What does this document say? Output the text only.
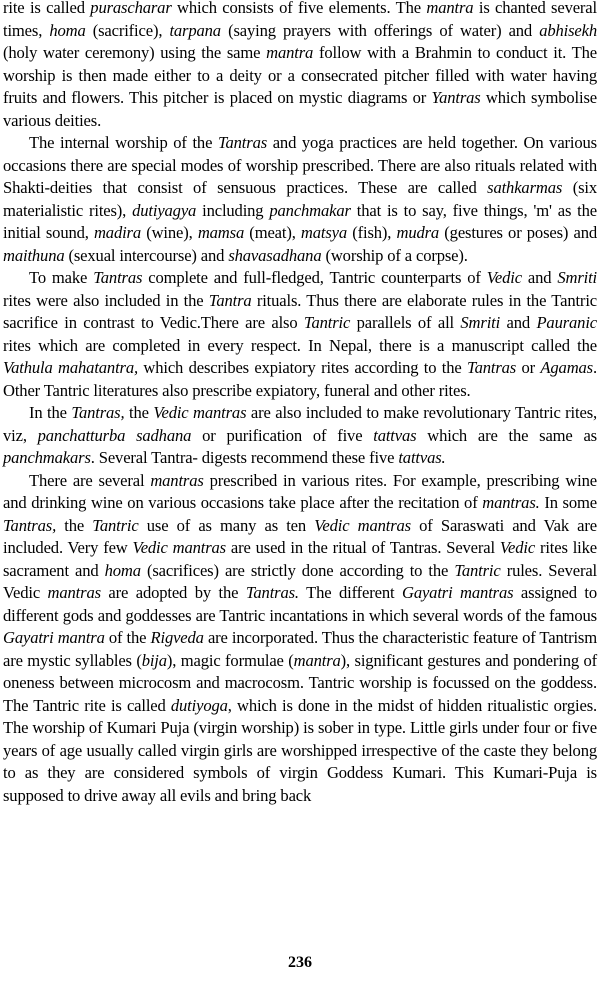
rite is called purascharar which consists of five elements. The mantra is chanted several times, homa (sacrifice), tarpana (saying prayers with offerings of water) and abhisekh (holy water ceremony) using the same mantra follow with a Brahmin to conduct it. The worship is then made either to a deity or a consecrated pitcher filled with water having fruits and flowers. This pitcher is placed on mystic diagrams or Yantras which symbolise various deities.

The internal worship of the Tantras and yoga practices are held together. On various occasions there are special modes of worship prescribed. There are also rituals related with Shakti-deities that consist of sensuous practices. These are called sathkarmas (six materialistic rites), dutiyagya including panchmakar that is to say, five things, 'm' as the initial sound, madira (wine), mamsa (meat), matsya (fish), mudra (gestures or poses) and maithuna (sexual intercourse) and shavasadhana (worship of a corpse).

To make Tantras complete and full-fledged, Tantric counterparts of Vedic and Smriti rites were also included in the Tantra rituals. Thus there are elaborate rules in the Tantric sacrifice in contrast to Vedic.There are also Tantric parallels of all Smriti and Pauranic rites which are completed in every respect. In Nepal, there is a manuscript called the Vathula mahatantra, which describes expiatory rites according to the Tantras or Agamas. Other Tantric literatures also prescribe expiatory, funeral and other rites.

In the Tantras, the Vedic mantras are also included to make revolutionary Tantric rites, viz, panchatturba sadhana or purification of five tattvas which are the same as panchmakars. Several Tantra- digests recommend these five tattvas.

There are several mantras prescribed in various rites. For example, prescribing wine and drinking wine on various occasions take place after the recitation of mantras. In some Tantras, the Tantric use of as many as ten Vedic mantras of Saraswati and Vak are included. Very few Vedic mantras are used in the ritual of Tantras. Several Vedic rites like sacrament and homa (sacrifices) are strictly done according to the Tantric rules. Several Vedic mantras are adopted by the Tantras. The different Gayatri mantras assigned to different gods and goddesses are Tantric incantations in which several words of the famous Gayatri mantra of the Rigveda are incorporated. Thus the characteristic feature of Tantrism are mystic syllables (bija), magic formulae (mantra), significant gestures and pondering of oneness between microcosm and macrocosm. Tantric worship is focussed on the goddess. The Tantric rite is called dutiyoga, which is done in the midst of hidden ritualistic orgies. The worship of Kumari Puja (virgin worship) is sober in type. Little girls under four or five years of age usually called virgin girls are worshipped irrespective of the caste they belong to as they are considered symbols of virgin Goddess Kumari. This Kumari-Puja is supposed to drive away all evils and bring back

236
